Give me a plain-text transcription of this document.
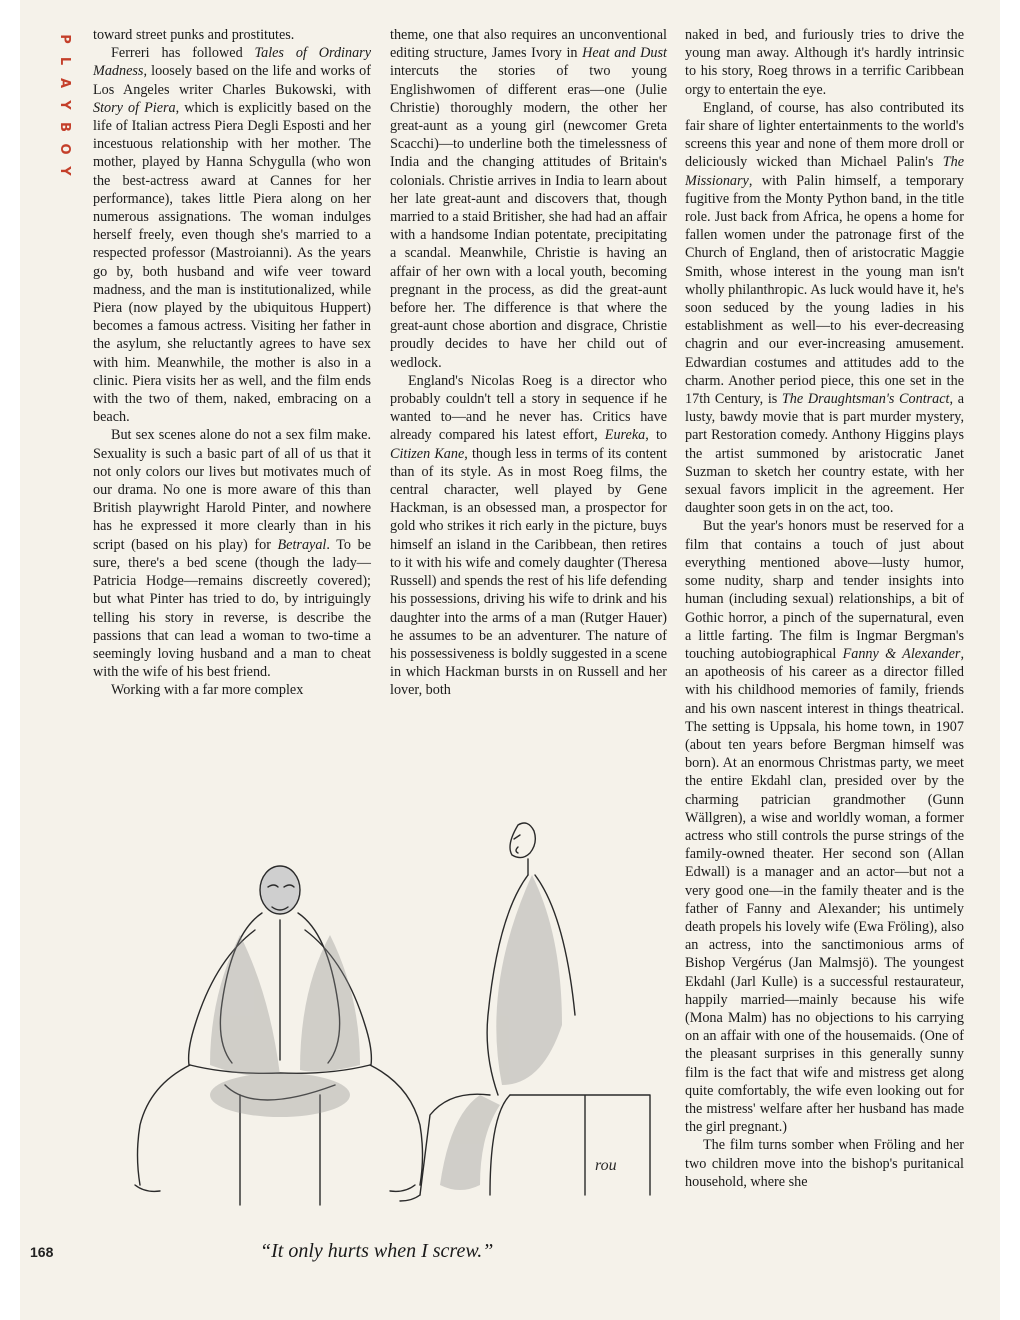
P
L
A
Y
B
O
Y

toward street punks and prostitutes.

Ferreri has followed Tales of Ordinary Madness, loosely based on the life and works of Los Angeles writer Charles Bukowski, with Story of Piera, which is explicitly based on the life of Italian actress Piera Degli Esposti and her incestuous relationship with her mother. The mother, played by Hanna Schygulla (who won the best-actress award at Cannes for her performance), takes little Piera along on her numerous assignations. The woman indulges herself freely, even though she's married to a respected professor (Mastroianni). As the years go by, both husband and wife veer toward madness, and the man is institutionalized, while Piera (now played by the ubiquitous Huppert) becomes a famous actress. Visiting her father in the asylum, she reluctantly agrees to have sex with him. Meanwhile, the mother is also in a clinic. Piera visits her as well, and the film ends with the two of them, naked, embracing on a beach.

But sex scenes alone do not a sex film make. Sexuality is such a basic part of all of us that it not only colors our lives but motivates much of our drama. No one is more aware of this than British playwright Harold Pinter, and nowhere has he expressed it more clearly than in his script (based on his play) for Betrayal. To be sure, there's a bed scene (though the lady—Patricia Hodge—remains discreetly covered); but what Pinter has tried to do, by intriguingly telling his story in reverse, is describe the passions that can lead a woman to two-time a seemingly loving husband and a man to cheat with the wife of his best friend.

Working with a far more complex

theme, one that also requires an unconventional editing structure, James Ivory in Heat and Dust intercuts the stories of two young Englishwomen of different eras—one (Julie Christie) thoroughly modern, the other her great-aunt as a young girl (newcomer Greta Scacchi)—to underline both the timelessness of India and the changing attitudes of Britain's colonials. Christie arrives in India to learn about her late great-aunt and discovers that, though married to a staid Britisher, she had had an affair with a handsome Indian potentate, precipitating a scandal. Meanwhile, Christie is having an affair of her own with a local youth, becoming pregnant in the process, as did the great-aunt before her. The difference is that where the great-aunt chose abortion and disgrace, Christie proudly decides to have her child out of wedlock.

England's Nicolas Roeg is a director who probably couldn't tell a story in sequence if he wanted to—and he never has. Critics have already compared his latest effort, Eureka, to Citizen Kane, though less in terms of its content than of its style. As in most Roeg films, the central character, well played by Gene Hackman, is an obsessed man, a prospector for gold who strikes it rich early in the picture, buys himself an island in the Caribbean, then retires to it with his wife and comely daughter (Theresa Russell) and spends the rest of his life defending his possessions, driving his wife to drink and his daughter into the arms of a man (Rutger Hauer) he assumes to be an adventurer. The nature of his possessiveness is boldly suggested in a scene in which Hackman bursts in on Russell and her lover, both

naked in bed, and furiously tries to drive the young man away. Although it's hardly intrinsic to his story, Roeg throws in a terrific Caribbean orgy to entertain the eye.

England, of course, has also contributed its fair share of lighter entertainments to the world's screens this year and none of them more droll or deliciously wicked than Michael Palin's The Missionary, with Palin himself, a temporary fugitive from the Monty Python band, in the title role. Just back from Africa, he opens a home for fallen women under the patronage first of the Church of England, then of aristocratic Maggie Smith, whose interest in the young man isn't wholly philanthropic. As luck would have it, he's soon seduced by the young ladies in his establishment as well—to his ever-decreasing chagrin and our ever-increasing amusement. Edwardian costumes and attitudes add to the charm. Another period piece, this one set in the 17th Century, is The Draughtsman's Contract, a lusty, bawdy movie that is part murder mystery, part Restoration comedy. Anthony Higgins plays the artist summoned by aristocratic Janet Suzman to sketch her country estate, with her sexual favors implicit in the agreement. Her daughter soon gets in on the act, too.

But the year's honors must be reserved for a film that contains a touch of just about everything mentioned above—lusty humor, some nudity, sharp and tender insights into human (including sexual) relationships, a bit of Gothic horror, a pinch of the supernatural, even a little farting. The film is Ingmar Bergman's touching autobiographical Fanny & Alexander, an apotheosis of his career as a director filled with his childhood memories of family, friends and his own nascent interest in things theatrical. The setting is Uppsala, his home town, in 1907 (about ten years before Bergman himself was born). At an enormous Christmas party, we meet the entire Ekdahl clan, presided over by the charming patrician grandmother (Gunn Wällgren), a wise and worldly woman, a former actress who still controls the purse strings of the family-owned theater. Her second son (Allan Edwall) is a manager and an actor—but not a very good one—in the family theater and is the father of Fanny and Alexander; his untimely death propels his lovely wife (Ewa Fröling), also an actress, into the sanctimonious arms of Bishop Vergérus (Jan Malmsjö). The youngest Ekdahl (Jarl Kulle) is a successful restaurateur, happily married—mainly because his wife (Mona Malm) has no objections to his carrying on an affair with one of the housemaids. (One of the pleasant surprises in this generally sunny film is the fact that wife and mistress get along quite comfortably, the wife even looking out for the mistress' welfare after her husband has made the girl pregnant.)

The film turns somber when Fröling and her two children move into the bishop's puritanical household, where she

rou
168	“It only hurts when I screw.”
